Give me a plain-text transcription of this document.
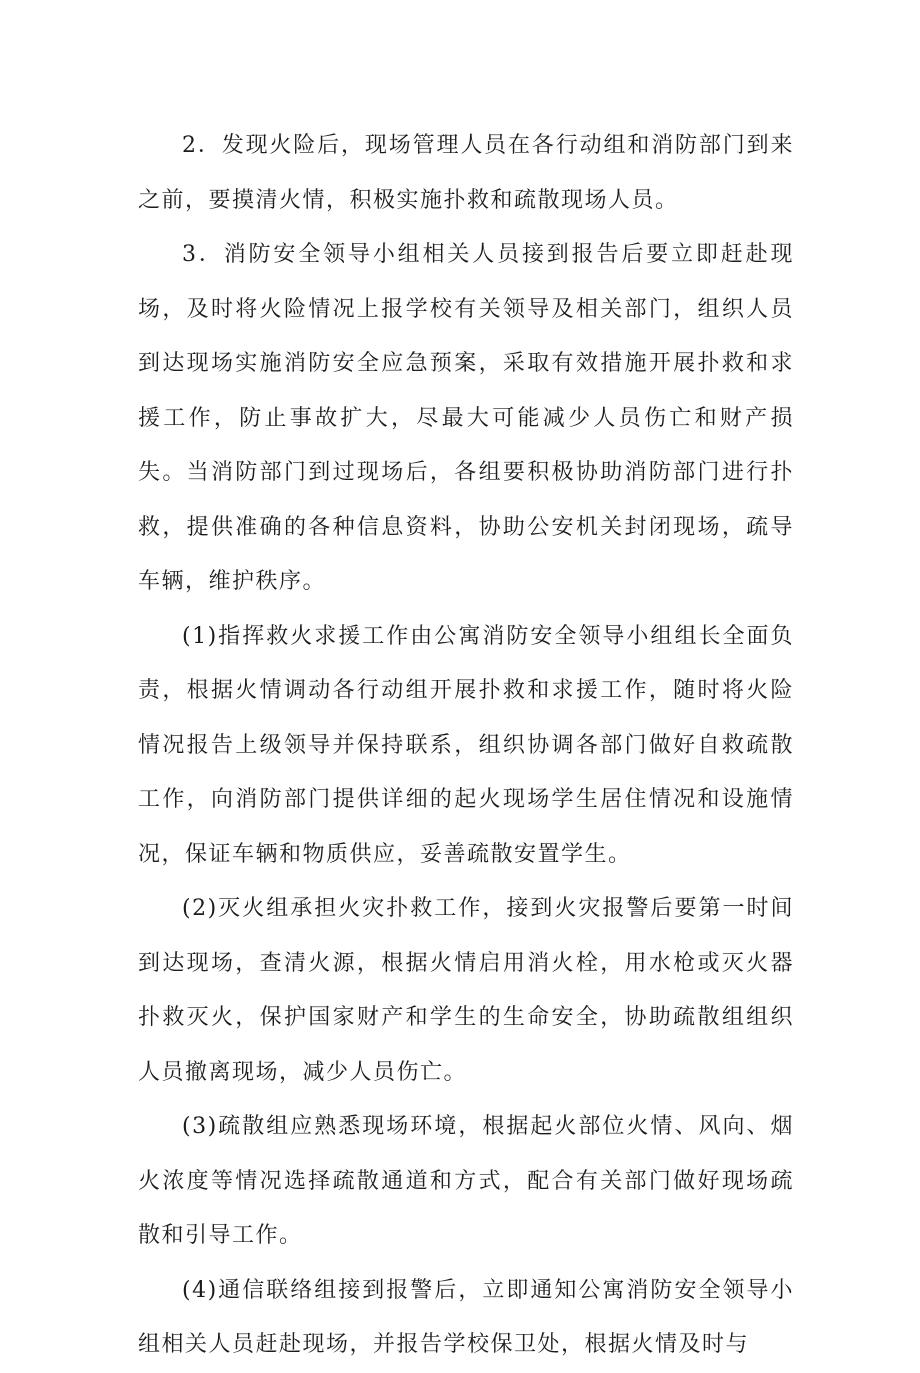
2．发现火险后，现场管理人员在各行动组和消防部门到来之前，要摸清火情，积极实施扑救和疏散现场人员。

3．消防安全领导小组相关人员接到报告后要立即赶赴现场，及时将火险情况上报学校有关领导及相关部门，组织人员到达现场实施消防安全应急预案，采取有效措施开展扑救和求援工作，防止事故扩大，尽最大可能减少人员伤亡和财产损失。当消防部门到过现场后，各组要积极协助消防部门进行扑救，提供准确的各种信息资料，协助公安机关封闭现场，疏导车辆，维护秩序。

(1)指挥救火求援工作由公寓消防安全领导小组组长全面负责，根据火情调动各行动组开展扑救和求援工作，随时将火险情况报告上级领导并保持联系，组织协调各部门做好自救疏散工作，向消防部门提供详细的起火现场学生居住情况和设施情况，保证车辆和物质供应，妥善疏散安置学生。

(2)灭火组承担火灾扑救工作，接到火灾报警后要第一时间到达现场，查清火源，根据火情启用消火栓，用水枪或灭火器扑救灭火，保护国家财产和学生的生命安全，协助疏散组组织人员撤离现场，减少人员伤亡。

(3)疏散组应熟悉现场环境，根据起火部位火情、风向、烟火浓度等情况选择疏散通道和方式，配合有关部门做好现场疏散和引导工作。

(4)通信联络组接到报警后，立即通知公寓消防安全领导小组相关人员赶赴现场，并报告学校保卫处，根据火情及时与
